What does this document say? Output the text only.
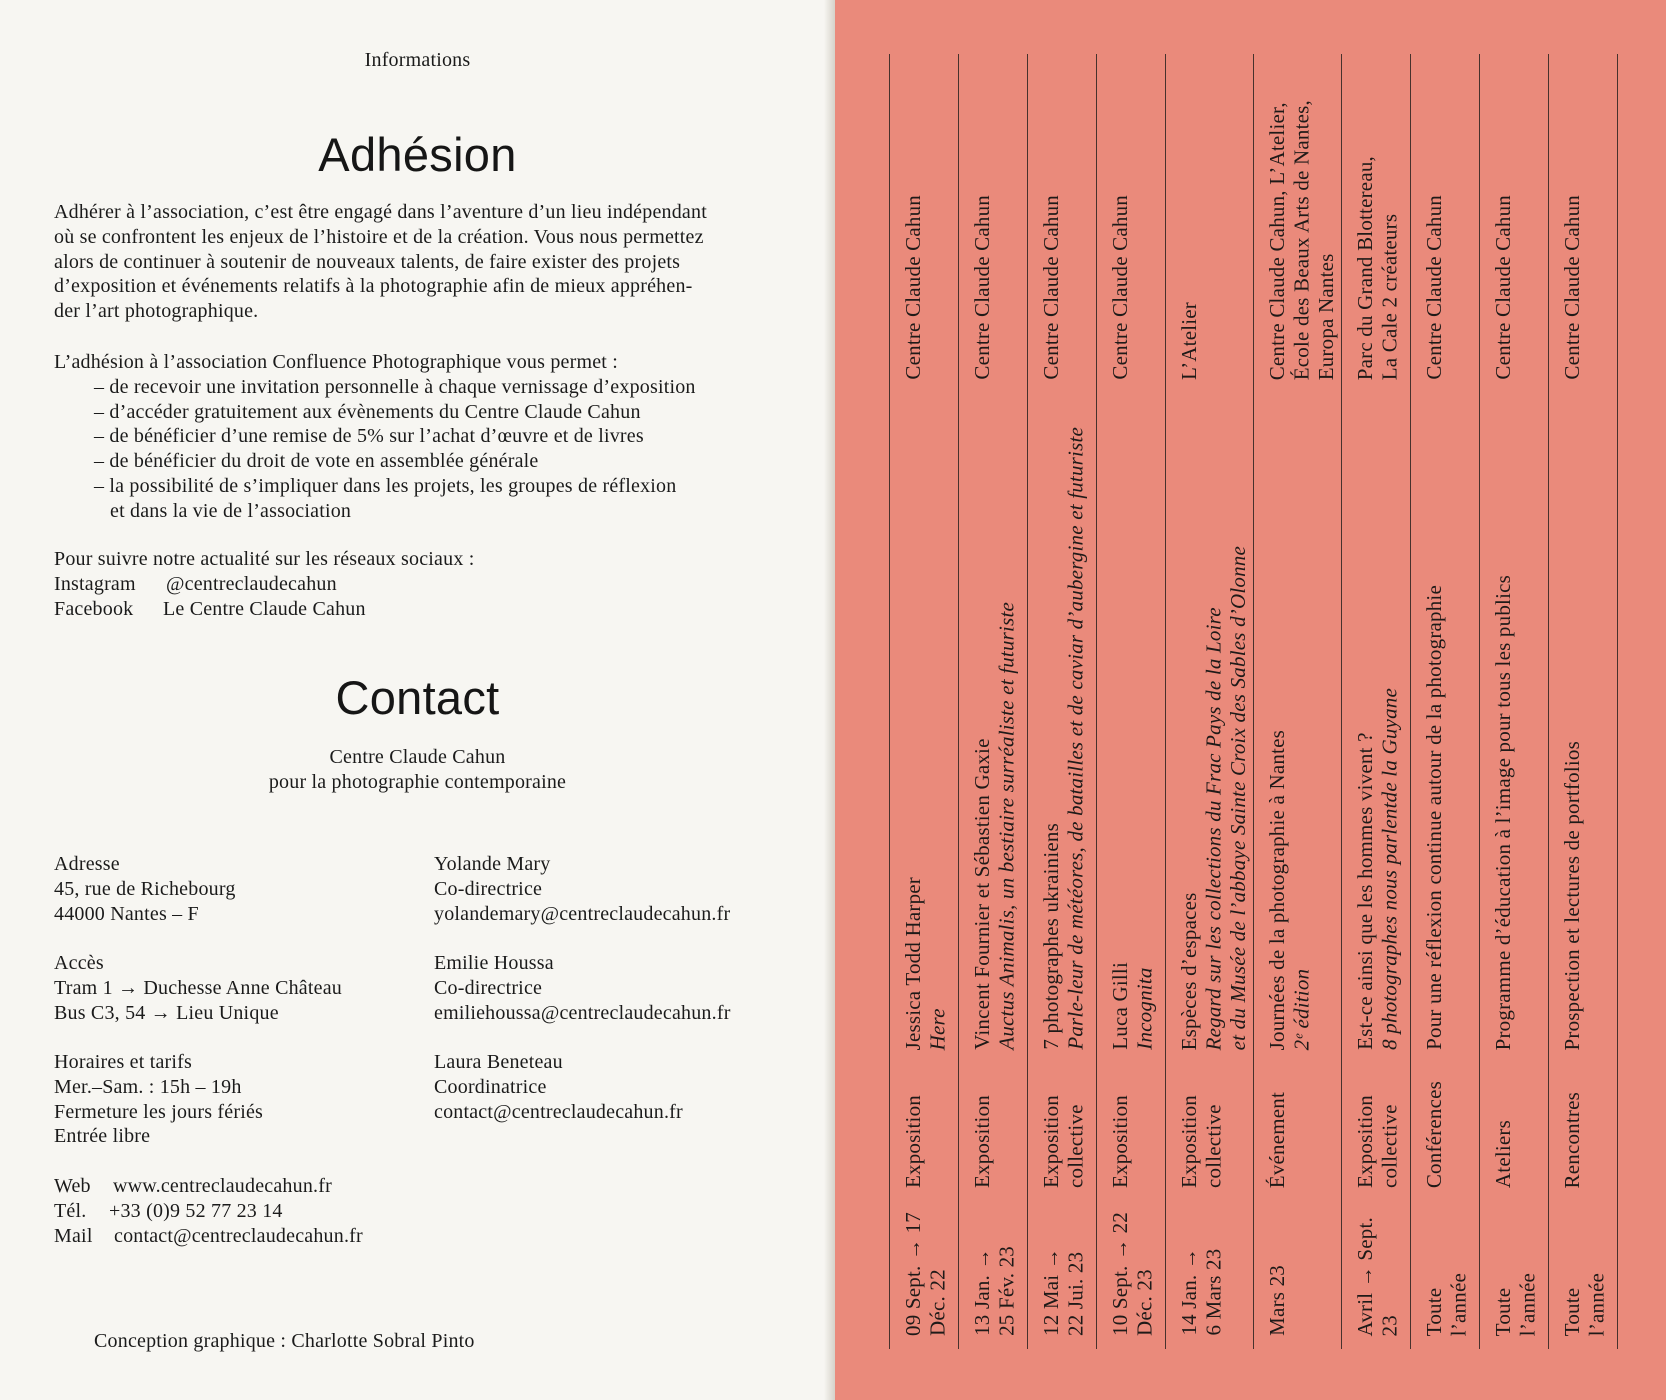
Informations
Adhésion
Adhérer à l’association, c’est être engagé dans l’aventure d’un lieu indépendant
où se confrontent les enjeux de l’histoire et de la création. Vous nous permettez
alors de continuer à soutenir de nouveaux talents, de faire exister des projets
d’exposition et événements relatifs à la photographie afin de mieux appréhen-
der l’art photographique.
L’adhésion à l’association Confluence Photographique vous permet :
– de recevoir une invitation personnelle à chaque vernissage d’exposition
– d’accéder gratuitement aux évènements du Centre Claude Cahun
– de bénéficier d’une remise de 5% sur l’achat d’œuvre et de livres
– de bénéficier du droit de vote en assemblée générale
– la possibilité de s’impliquer dans les projets, les groupes de réflexion
et dans la vie de l’association
Pour suivre notre actualité sur les réseaux sociaux :
Instagram @centreclaudecahun
Facebook Le Centre Claude Cahun
Contact
Centre Claude Cahun
pour la photographie contemporaine
Adresse
45, rue de Richebourg
44000 Nantes – F
Accès
Tram 1 → Duchesse Anne Château
Bus C3, 54 → Lieu Unique
Horaires et tarifs
Mer.–Sam. : 15h – 19h
Fermeture les jours fériés
Entrée libre
Web www.centreclaudecahun.fr
Tél. +33 (0)9 52 77 23 14
Mail contact@centreclaudecahun.fr
Yolande Mary
Co-directrice
yolandemary@centreclaudecahun.fr
Emilie Houssa
Co-directrice
emiliehoussa@centreclaudecahun.fr
Laura Beneteau
Coordinatrice
contact@centreclaudecahun.fr
Conception graphique : Charlotte Sobral Pinto
09 Sept. → 17 Déc. 22
Exposition
Centre Claude Cahun
Jessica Todd Harper Here
13 Jan. → 25 Fév. 23
Exposition
Centre Claude Cahun
Vincent Fournier et Sébastien Gaxie Auctus Animalis, un bestiaire surréaliste et futuriste
12 Mai → 22 Jui. 23
Exposition collective
Centre Claude Cahun
7 photographes ukrainiens Parle-leur de météores, de batailles et de caviar d’aubergine et futuriste
10 Sept. → 22 Déc. 23
Exposition
Centre Claude Cahun
Luca Gilli Incognita
14 Jan. → 6 Mars 23
Exposition collective
L’Atelier
Espèces d’espaces Regard sur les collections du Frac Pays de la Loire et du Musée de l’abbaye Sainte Croix des Sables d’Olonne
Mars 23
Événement
Centre Claude Cahun, L’Atelier, École des Beaux Arts de Nantes, Europa Nantes
Journées de la photographie à Nantes 2ᵉ édition
Avril → Sept. 23
Exposition collective
Parc du Grand Blottereau, La Cale 2 créateurs
Est-ce ainsi que les hommes vivent ? 8 photographes nous parlentde la Guyane
Toute l’année
Conférences
Centre Claude Cahun
Pour une réflexion continue autour de la photographie
Toute l’année
Ateliers
Centre Claude Cahun
Programme d’éducation à l’image pour tous les publics
Toute l’année
Rencontres
Centre Claude Cahun
Prospection et lectures de portfolios
